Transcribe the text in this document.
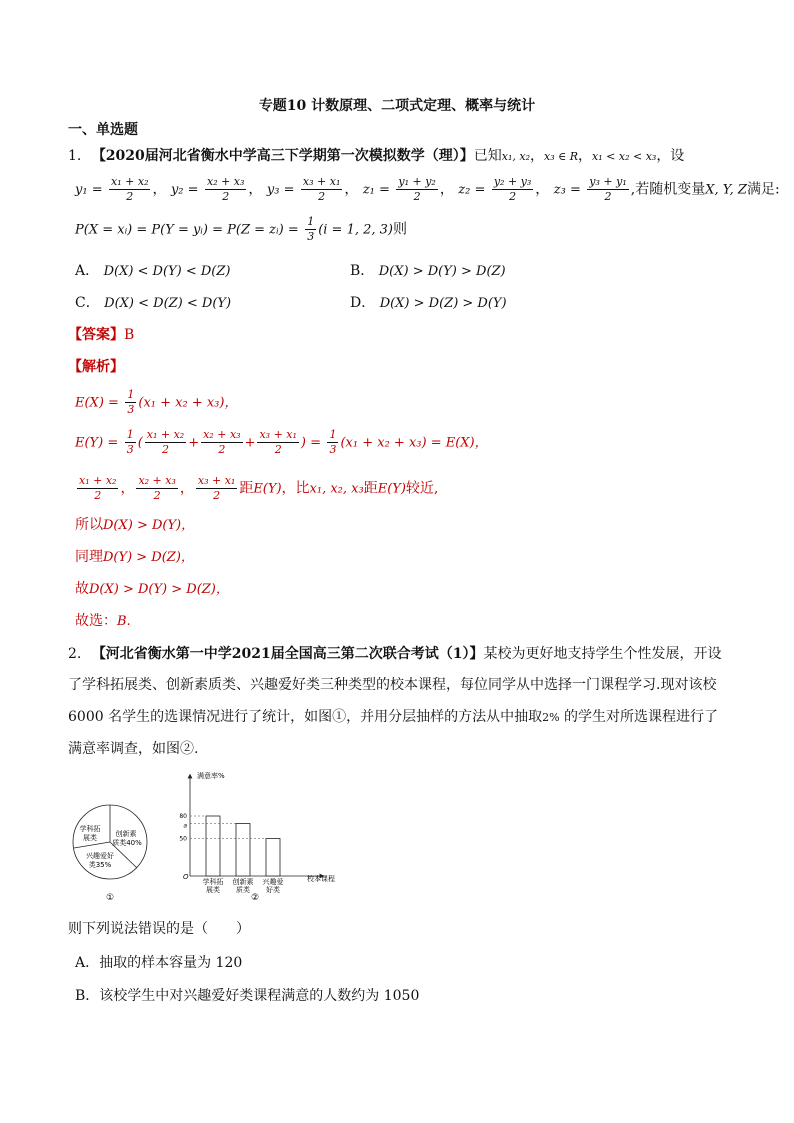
专题10 计数原理、二项式定理、概率与统计
一、单选题
1. 【2020届河北省衡水中学高三下学期第一次模拟数学（理）】已知x₁, x₂，x₃ ∈ R，x₁ < x₂ < x₃，设
$y_1 = \frac{\text{x₁ + x₂}}{2}$ ， $y_2 = \frac{\text{x₂ + x₃}}{2}$ ， $y_3 = \frac{\text{x₃ + x₁}}{2}$ ， $z_1 = \frac{\text{y₁ + y₂}}{2}$ ， $z_2 = \frac{\text{y₂ + y₃}}{2}$ ， $z_3 = \frac{\text{y₃ + y₁}}{2}$ ,若随机变量X, Y, Z满足:
P(X = xᵢ) = P(Y = yᵢ) = P(Z = zᵢ) = $\frac{1}{3} (i = 1$, 2, 3)则
A． D(X) < D(Y) < D(Z)	B． D(X) > D(Y) > D(Z)
C． D(X) < D(Z) < D(Y)	D． D(X) > D(Z) > D(Y)
【答案】B
【解析】
$E(X) = \frac{1}{3} (x_1 + x_2 + x_3)$，
$E(Y) = \frac{1}{3}$ ( $\frac{\text{x₁ + x₂}}{2} + \frac{\text{x₂ + x₃}}{2} + \frac{\text{x₃ + x₁}}{2}$ ) = $\frac{1}{3} (x_1 + x_2 + x_3) = E(X)$，
$\frac{\text{x₁ + x₂}}{2}$ ， $\frac{\text{x₂ + x₃}}{2}$ ， $\frac{\text{x₃ + x₁}}{2}$ 距E(Y)，比x₁, x₂, x₃距E(Y)较近,
所以D(X) > D(Y)，
同理D(Y) > D(Z)，
故D(X) > D(Y) > D(Z)，
故选：B.
2. 【河北省衡水第一中学2021届全国高三第二次联合考试（1）】某校为更好地支持学生个性发展，开设
了学科拓展类、创新素质类、兴趣爱好类三种类型的校本课程，每位同学从中选择一门课程学习.现对该校
6000 名学生的选课情况进行了统计，如图①，并用分层抽样的方法从中抽取2% 的学生对所选课程进行了
满意率调查，如图②.
学科拓
展类	创新素
质类40%
兴趣爱好
类35%
①
满意率%
校本课程
O
学科拓
展类
创新素
质类
兴趣爱
好类
80
a
50
②
则下列说法错误的是（　　）
A．抽取的样本容量为 120
B．该校学生中对兴趣爱好类课程满意的人数约为 1050
